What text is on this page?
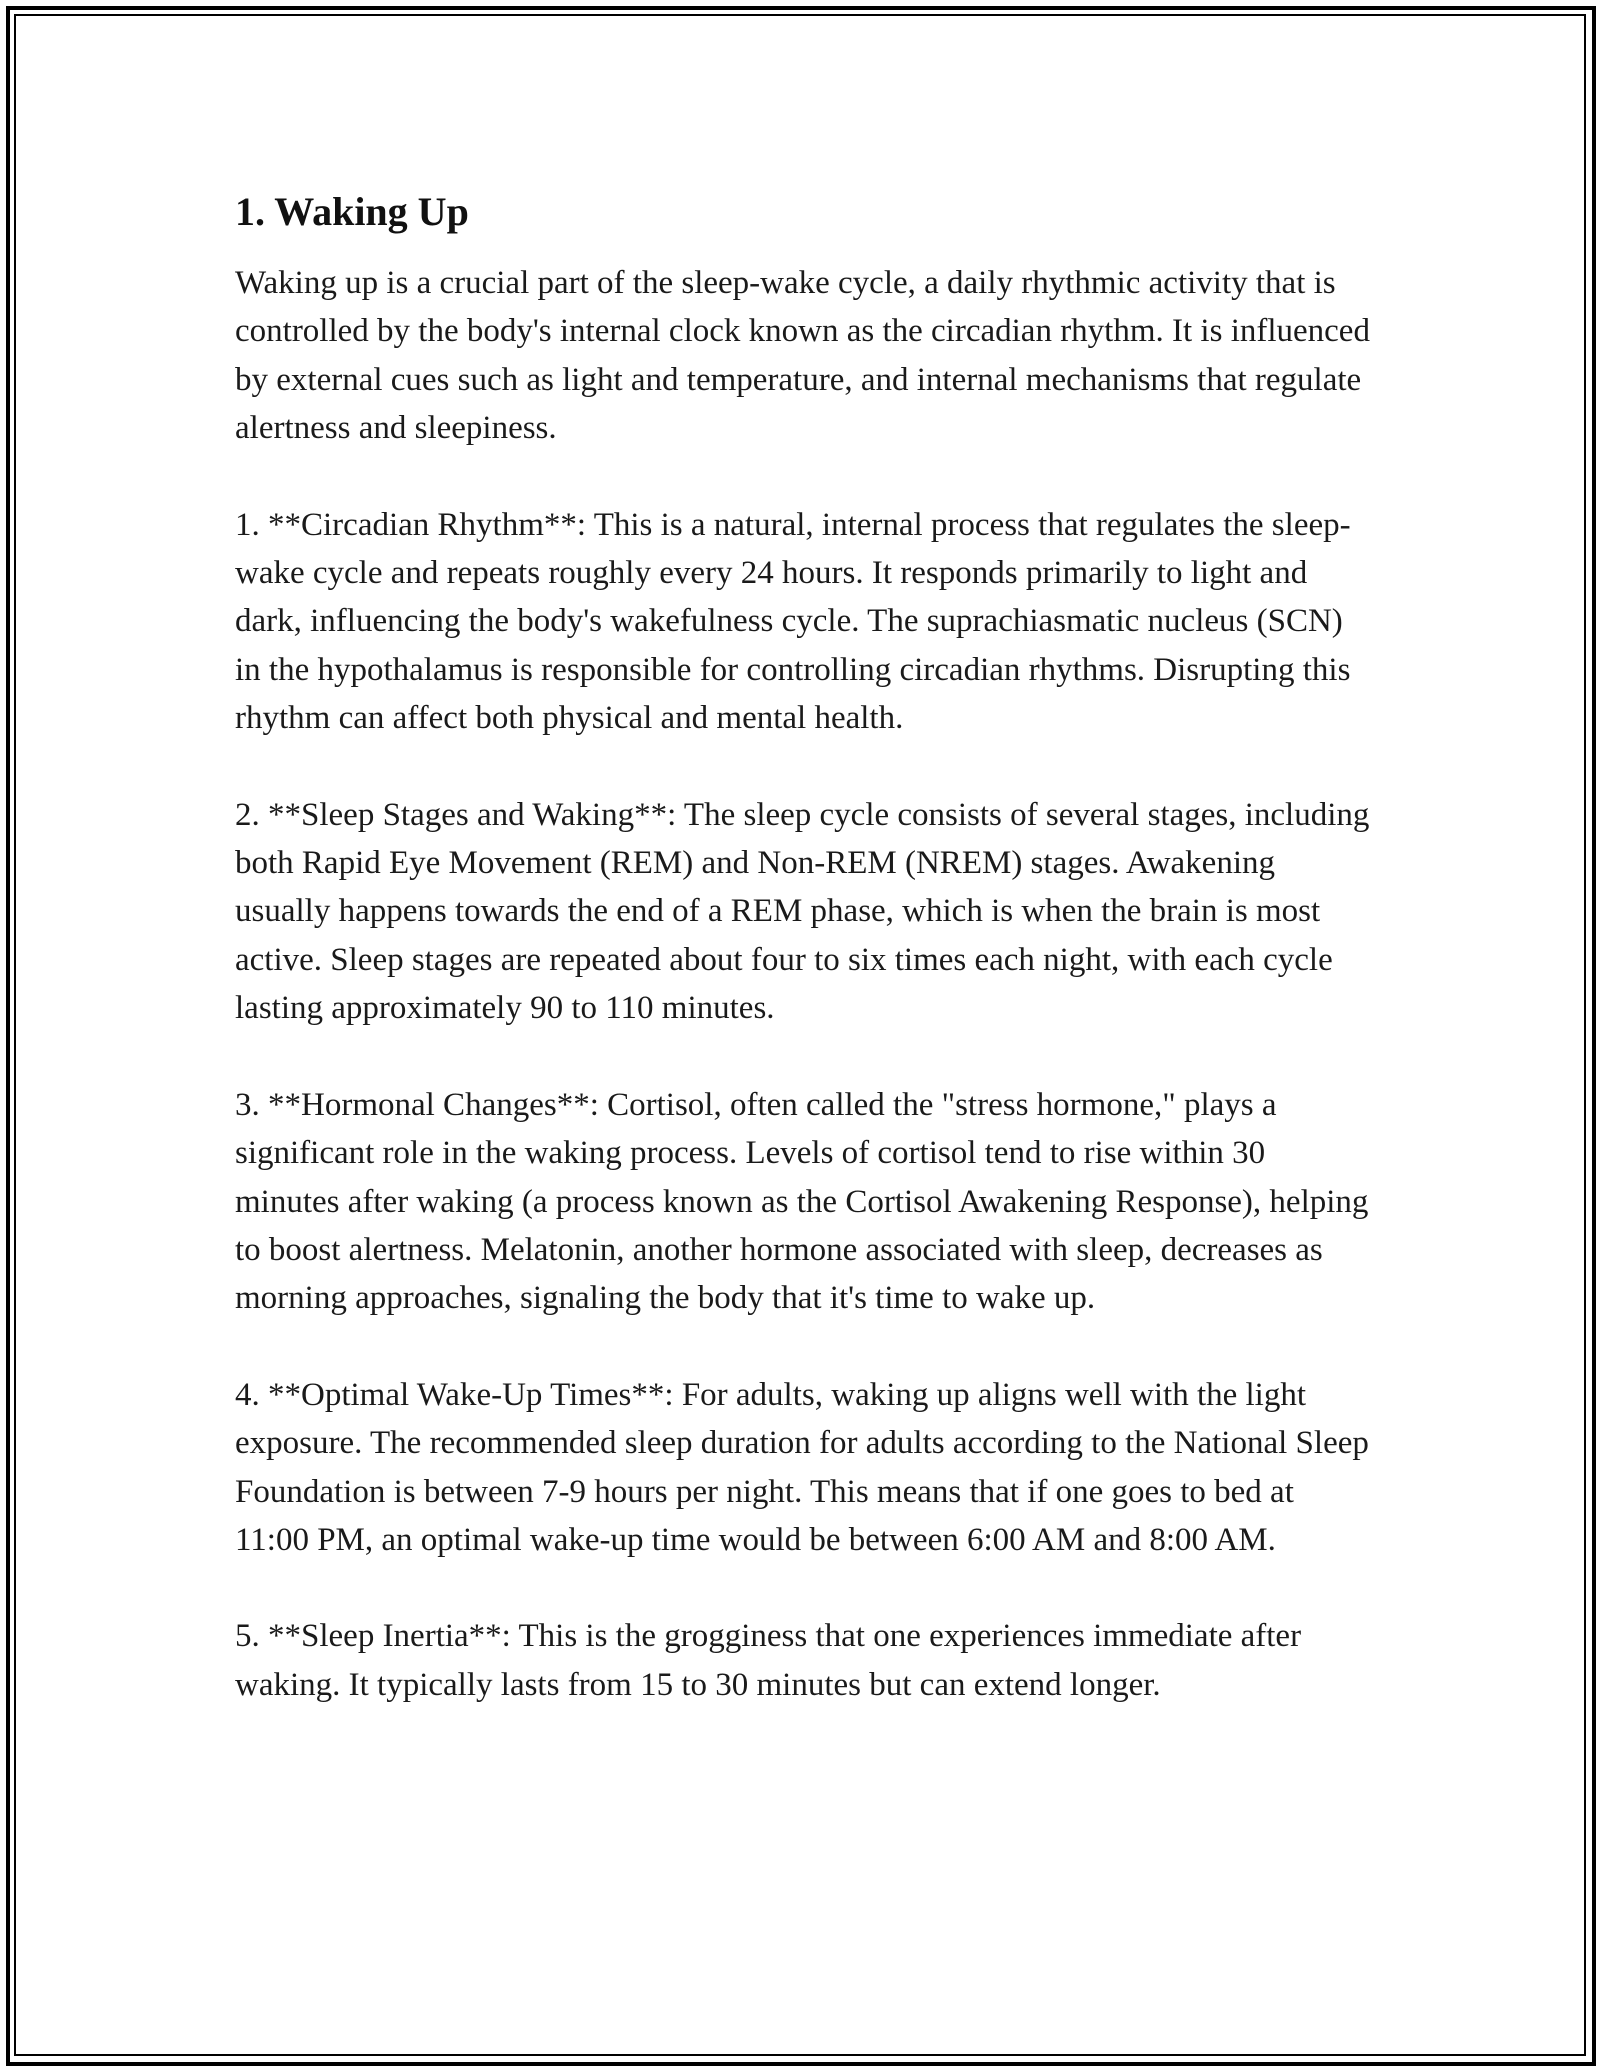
1. Waking Up

Waking up is a crucial part of the sleep-wake cycle, a daily rhythmic activity that is controlled by the body's internal clock known as the circadian rhythm. It is influenced by external cues such as light and temperature, and internal mechanisms that regulate alertness and sleepiness.

1. **Circadian Rhythm**: This is a natural, internal process that regulates the sleep-wake cycle and repeats roughly every 24 hours. It responds primarily to light and dark, influencing the body's wakefulness cycle. The suprachiasmatic nucleus (SCN) in the hypothalamus is responsible for controlling circadian rhythms. Disrupting this rhythm can affect both physical and mental health.

2. **Sleep Stages and Waking**: The sleep cycle consists of several stages, including both Rapid Eye Movement (REM) and Non-REM (NREM) stages. Awakening usually happens towards the end of a REM phase, which is when the brain is most active. Sleep stages are repeated about four to six times each night, with each cycle lasting approximately 90 to 110 minutes.

3. **Hormonal Changes**: Cortisol, often called the "stress hormone," plays a significant role in the waking process. Levels of cortisol tend to rise within 30 minutes after waking (a process known as the Cortisol Awakening Response), helping to boost alertness. Melatonin, another hormone associated with sleep, decreases as morning approaches, signaling the body that it's time to wake up.

4. **Optimal Wake-Up Times**: For adults, waking up aligns well with the light exposure. The recommended sleep duration for adults according to the National Sleep Foundation is between 7-9 hours per night. This means that if one goes to bed at 11:00 PM, an optimal wake-up time would be between 6:00 AM and 8:00 AM.

5. **Sleep Inertia**: This is the grogginess that one experiences immediate after waking. It typically lasts from 15 to 30 minutes but can extend longer.
